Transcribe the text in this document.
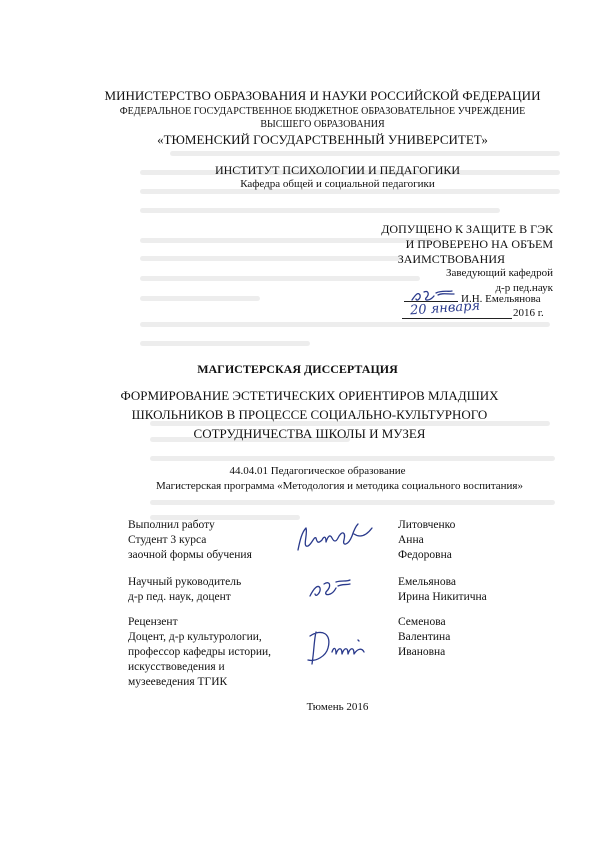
МИНИСТЕРСТВО ОБРАЗОВАНИЯ И НАУКИ РОССИЙСКОЙ ФЕДЕРАЦИИ
ФЕДЕРАЛЬНОЕ ГОСУДАРСТВЕННОЕ БЮДЖЕТНОЕ ОБРАЗОВАТЕЛЬНОЕ УЧРЕЖДЕНИЕ
ВЫСШЕГО ОБРАЗОВАНИЯ
«ТЮМЕНСКИЙ ГОСУДАРСТВЕННЫЙ УНИВЕРСИТЕТ»
ИНСТИТУТ ПСИХОЛОГИИ И ПЕДАГОГИКИ
Кафедра общей и социальной педагогики
ДОПУЩЕНО К ЗАЩИТЕ В ГЭК
И ПРОВЕРЕНО НА ОБЪЕМ
ЗАИМСТВОВАНИЯ
Заведующий кафедрой
д-р пед.наук
И.Н. Емельянова
20 января	2016 г.
МАГИСТЕРСКАЯ ДИССЕРТАЦИЯ
ФОРМИРОВАНИЕ ЭСТЕТИЧЕСКИХ ОРИЕНТИРОВ МЛАДШИХ
ШКОЛЬНИКОВ В ПРОЦЕССЕ СОЦИАЛЬНО-КУЛЬТУРНОГО
СОТРУДНИЧЕСТВА ШКОЛЫ И МУЗЕЯ
44.04.01 Педагогическое образование
Магистерская программа «Методология и методика социального воспитания»
Выполнил работу
Студент 3 курса
заочной формы обучения
Литовченко
Анна
Федоровна
Научный руководитель
д-р пед. наук, доцент
Емельянова
Ирина Никитична
Рецензент
Доцент, д-р культурологии,
профессор кафедры истории,
искусствоведения и
музееведения ТГИК
Семенова
Валентина
Ивановна
Тюмень 2016
